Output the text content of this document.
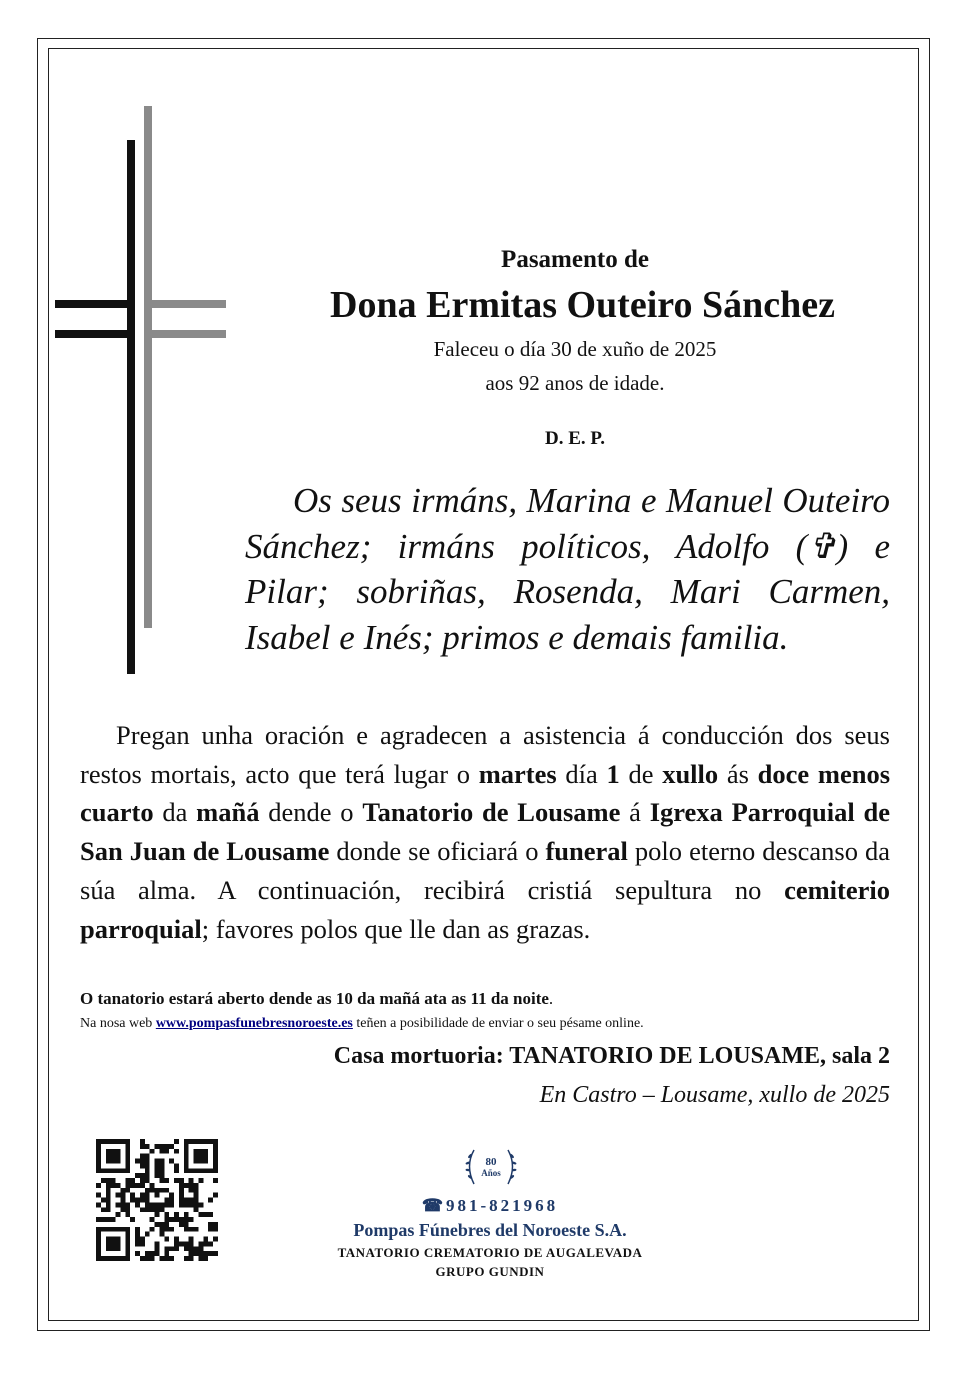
Pasamento de
Dona Ermitas Outeiro Sánchez
Faleceu o día 30 de xuño de 2025
aos 92 anos de idade.
D. E. P.

Os seus irmáns, Marina e Manuel Outeiro Sánchez; irmáns políticos, Adolfo (✞) e Pilar; sobriñas, Rosenda, Mari Carmen, Isabel e Inés; primos e demais familia.

Pregan unha oración e agradecen a asistencia á conducción dos seus restos mortais, acto que terá lugar o martes día 1 de xullo ás doce menos cuarto da mañá dende o Tanatorio de Lousame á Igrexa Parroquial de San Juan de Lousame donde se oficiará o funeral polo eterno descanso da súa alma. A continuación, recibirá cristiá sepultura no cemiterio parroquial; favores polos que lle dan as grazas.

O tanatorio estará aberto dende as 10 da mañá ata as 11 da noite.
Na nosa web www.pompasfunebresnoroeste.es teñen a posibilidade de enviar o seu pésame online.
Casa mortuoria: TANATORIO DE LOUSAME, sala 2
En Castro – Lousame, xullo de 2025
80
Años
☎981-821968
Pompas Fúnebres del Noroeste S.A.
TANATORIO CREMATORIO DE AUGALEVADA
GRUPO GUNDIN
